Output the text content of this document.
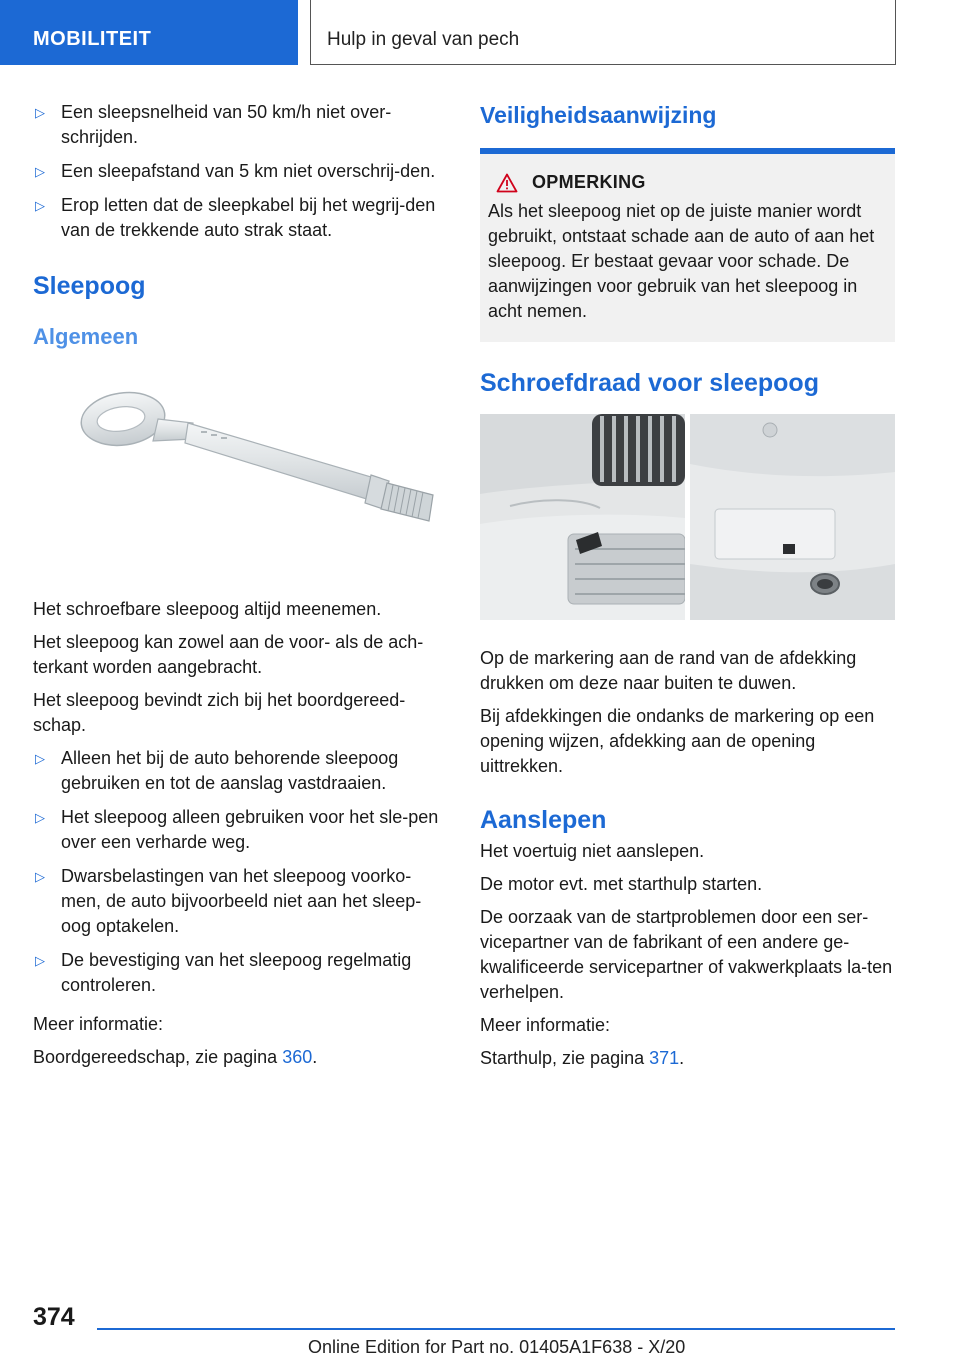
MOBILITEIT	Hulp in geval van pech
▷ Een sleepsnelheid van 50 km/h niet over-schrijden.
▷ Een sleepafstand van 5 km niet overschrij-den.
▷ Erop letten dat de sleepkabel bij het wegrij-den van de trekkende auto strak staat.
Sleepoog
Algemeen

Het schroefbare sleepoog altijd meenemen.

Het sleepoog kan zowel aan de voor- als de ach-terkant worden aangebracht.

Het sleepoog bevindt zich bij het boordgereed-schap.

▷ Alleen het bij de auto behorende sleepoog gebruiken en tot de aanslag vastdraaien.
▷ Het sleepoog alleen gebruiken voor het sle-pen over een verharde weg.
▷ Dwarsbelastingen van het sleepoog voorko-men, de auto bijvoorbeeld niet aan het sleep-oog optakelen.
▷ De bevestiging van het sleepoog regelmatig controleren.

Meer informatie:

Boordgereedschap, zie pagina 360.

Veiligheidsaanwijzing
OPMERKING

Als het sleepoog niet op de juiste manier wordt gebruikt, ontstaat schade aan de auto of aan het sleepoog. Er bestaat gevaar voor schade. De aanwijzingen voor gebruik van het sleepoog in acht nemen.

Schroefdraad voor sleepoog

Op de markering aan de rand van de afdekking drukken om deze naar buiten te duwen.

Bij afdekkingen die ondanks de markering op een opening wijzen, afdekking aan de opening uittrekken.

Aanslepen

Het voertuig niet aanslepen.

De motor evt. met starthulp starten.

De oorzaak van de startproblemen door een ser-vicepartner van de fabrikant of een andere ge-kwalificeerde servicepartner of vakwerkplaats la-ten verhelpen.

Meer informatie:

Starthulp, zie pagina 371.

374
Online Edition for Part no. 01405A1F638 - X/20
